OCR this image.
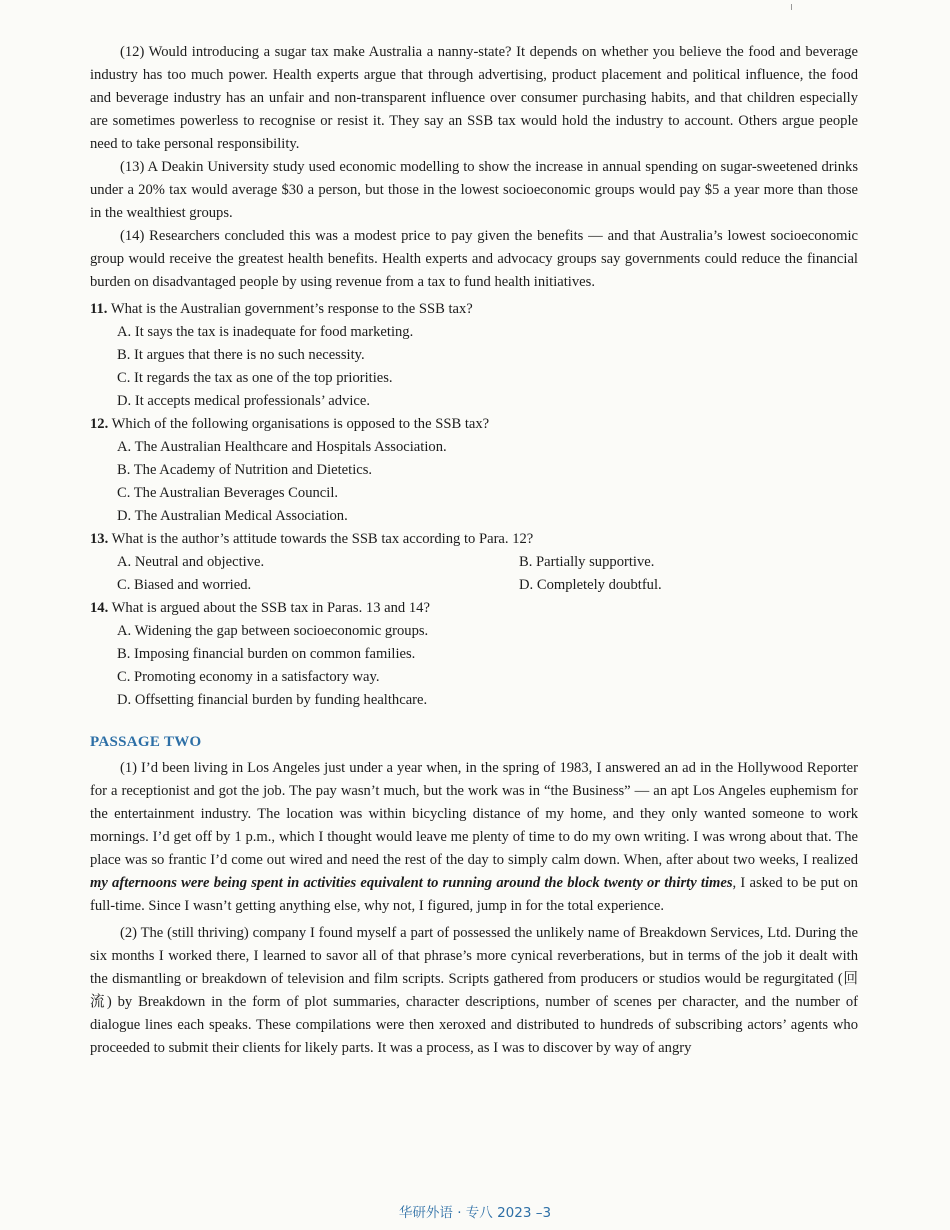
(12) Would introducing a sugar tax make Australia a nanny-state? It depends on whether you believe the food and beverage industry has too much power. Health experts argue that through advertising, product placement and political influence, the food and beverage industry has an unfair and non-transparent influence over consumer purchasing habits, and that children especially are sometimes powerless to recognise or resist it. They say an SSB tax would hold the industry to account. Others argue people need to take personal responsibility.

(13) A Deakin University study used economic modelling to show the increase in annual spending on sugar-sweetened drinks under a 20% tax would average $30 a person, but those in the lowest socioeconomic groups would pay $5 a year more than those in the wealthiest groups.

(14) Researchers concluded this was a modest price to pay given the benefits — and that Australia’s lowest socioeconomic group would receive the greatest health benefits. Health experts and advocacy groups say governments could reduce the financial burden on disadvantaged people by using revenue from a tax to fund health initiatives.

11. What is the Australian government’s response to the SSB tax?

A. It says the tax is inadequate for food marketing.

B. It argues that there is no such necessity.

C. It regards the tax as one of the top priorities.

D. It accepts medical professionals’ advice.

12. Which of the following organisations is opposed to the SSB tax?

A. The Australian Healthcare and Hospitals Association.

B. The Academy of Nutrition and Dietetics.

C. The Australian Beverages Council.

D. The Australian Medical Association.

13. What is the author’s attitude towards the SSB tax according to Para. 12?

A. Neutral and objective.	B. Partially supportive.

C. Biased and worried.	D. Completely doubtful.

14. What is argued about the SSB tax in Paras. 13 and 14?

A. Widening the gap between socioeconomic groups.

B. Imposing financial burden on common families.

C. Promoting economy in a satisfactory way.

D. Offsetting financial burden by funding healthcare.

PASSAGE TWO

(1) I’d been living in Los Angeles just under a year when, in the spring of 1983, I answered an ad in the Hollywood Reporter for a receptionist and got the job. The pay wasn’t much, but the work was in “the Business” — an apt Los Angeles euphemism for the entertainment industry. The location was within bicycling distance of my home, and they only wanted someone to work mornings. I’d get off by 1 p.m., which I thought would leave me plenty of time to do my own writing. I was wrong about that. The place was so frantic I’d come out wired and need the rest of the day to simply calm down. When, after about two weeks, I realized my afternoons were being spent in activities equivalent to running around the block twenty or thirty times, I asked to be put on full-time. Since I wasn’t getting anything else, why not, I figured, jump in for the total experience.

(2) The (still thriving) company I found myself a part of possessed the unlikely name of Breakdown Services, Ltd. During the six months I worked there, I learned to savor all of that phrase’s more cynical reverberations, but in terms of the job it dealt with the dismantling or breakdown of television and film scripts. Scripts gathered from producers or studios would be regurgitated (回流) by Breakdown in the form of plot summaries, character descriptions, number of scenes per character, and the number of dialogue lines each speaks. These compilations were then xeroxed and distributed to hundreds of subscribing actors’ agents who proceeded to submit their clients for likely parts. It was a process, as I was to discover by way of angry

华研外语 · 专八 2023 –3
